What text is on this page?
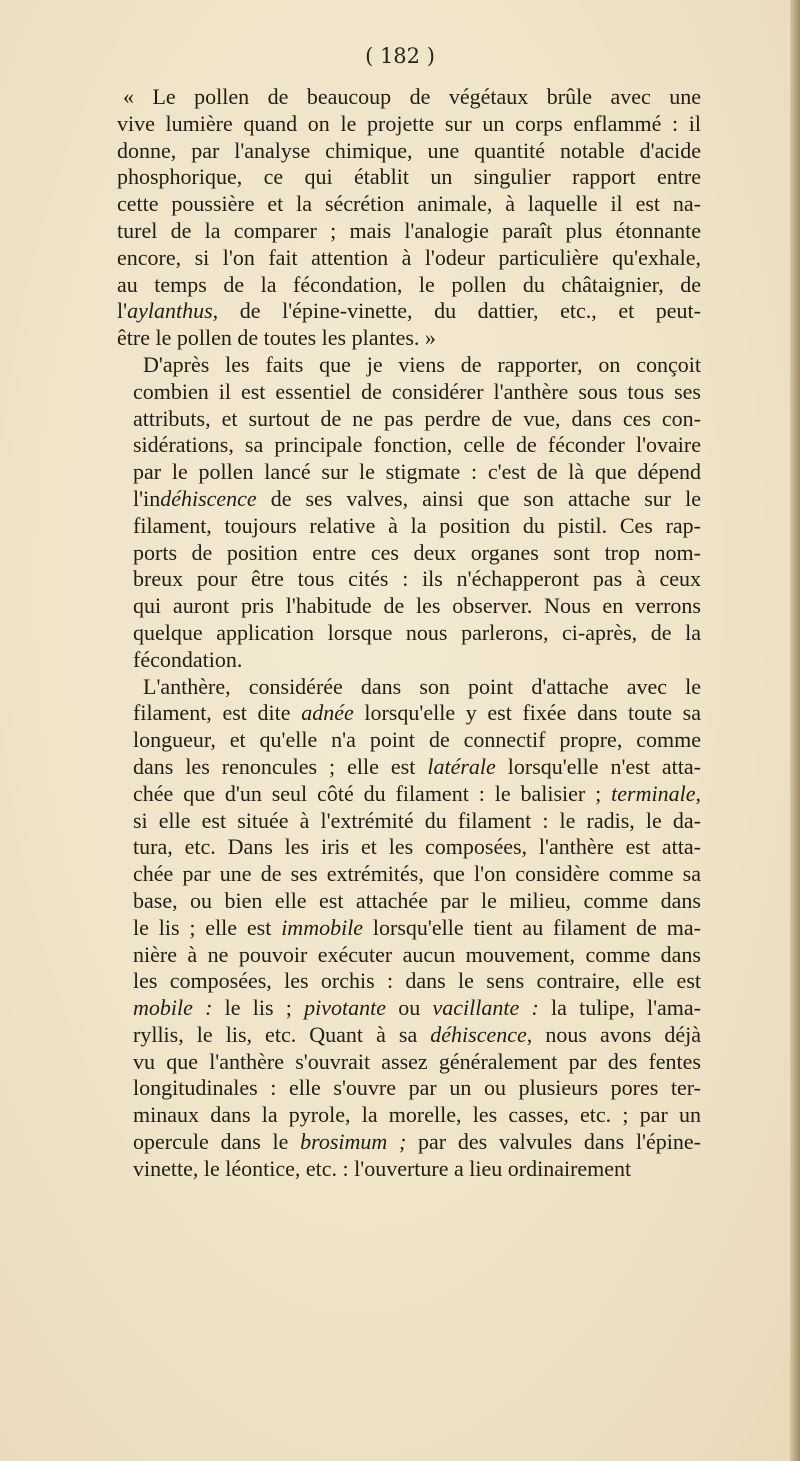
( 182 )

« Le pollen de beaucoup de végétaux brûle avec une
vive lumière quand on le projette sur un corps enflammé : il
donne, par l'analyse chimique, une quantité notable d'acide
phosphorique, ce qui établit un singulier rapport entre
cette poussière et la sécrétion animale, à laquelle il est na-
turel de la comparer ; mais l'analogie paraît plus étonnante
encore, si l'on fait attention à l'odeur particulière qu'exhale,
au temps de la fécondation, le pollen du châtaignier, de
l'aylanthus, de l'épine-vinette, du dattier, etc., et peut-
être le pollen de toutes les plantes. »

D'après les faits que je viens de rapporter, on conçoit
combien il est essentiel de considérer l'anthère sous tous ses
attributs, et surtout de ne pas perdre de vue, dans ces con-
sidérations, sa principale fonction, celle de féconder l'ovaire
par le pollen lancé sur le stigmate : c'est de là que dépend
l'indéhiscence de ses valves, ainsi que son attache sur le
filament, toujours relative à la position du pistil. Ces rap-
ports de position entre ces deux organes sont trop nom-
breux pour être tous cités : ils n'échapperont pas à ceux
qui auront pris l'habitude de les observer. Nous en verrons
quelque application lorsque nous parlerons, ci-après, de la
fécondation.

L'anthère, considérée dans son point d'attache avec le
filament, est dite adnée lorsqu'elle y est fixée dans toute sa
longueur, et qu'elle n'a point de connectif propre, comme
dans les renoncules ; elle est latérale lorsqu'elle n'est atta-
chée que d'un seul côté du filament : le balisier ; terminale,
si elle est située à l'extrémité du filament : le radis, le da-
tura, etc. Dans les iris et les composées, l'anthère est atta-
chée par une de ses extrémités, que l'on considère comme sa
base, ou bien elle est attachée par le milieu, comme dans
le lis ; elle est immobile lorsqu'elle tient au filament de ma-
nière à ne pouvoir exécuter aucun mouvement, comme dans
les composées, les orchis : dans le sens contraire, elle est
mobile : le lis ; pivotante ou vacillante : la tulipe, l'ama-
ryllis, le lis, etc. Quant à sa déhiscence, nous avons déjà
vu que l'anthère s'ouvrait assez généralement par des fentes
longitudinales : elle s'ouvre par un ou plusieurs pores ter-
minaux dans la pyrole, la morelle, les casses, etc. ; par un
opercule dans le brosimum ; par des valvules dans l'épine-
vinette, le léontice, etc. : l'ouverture a lieu ordinairement
